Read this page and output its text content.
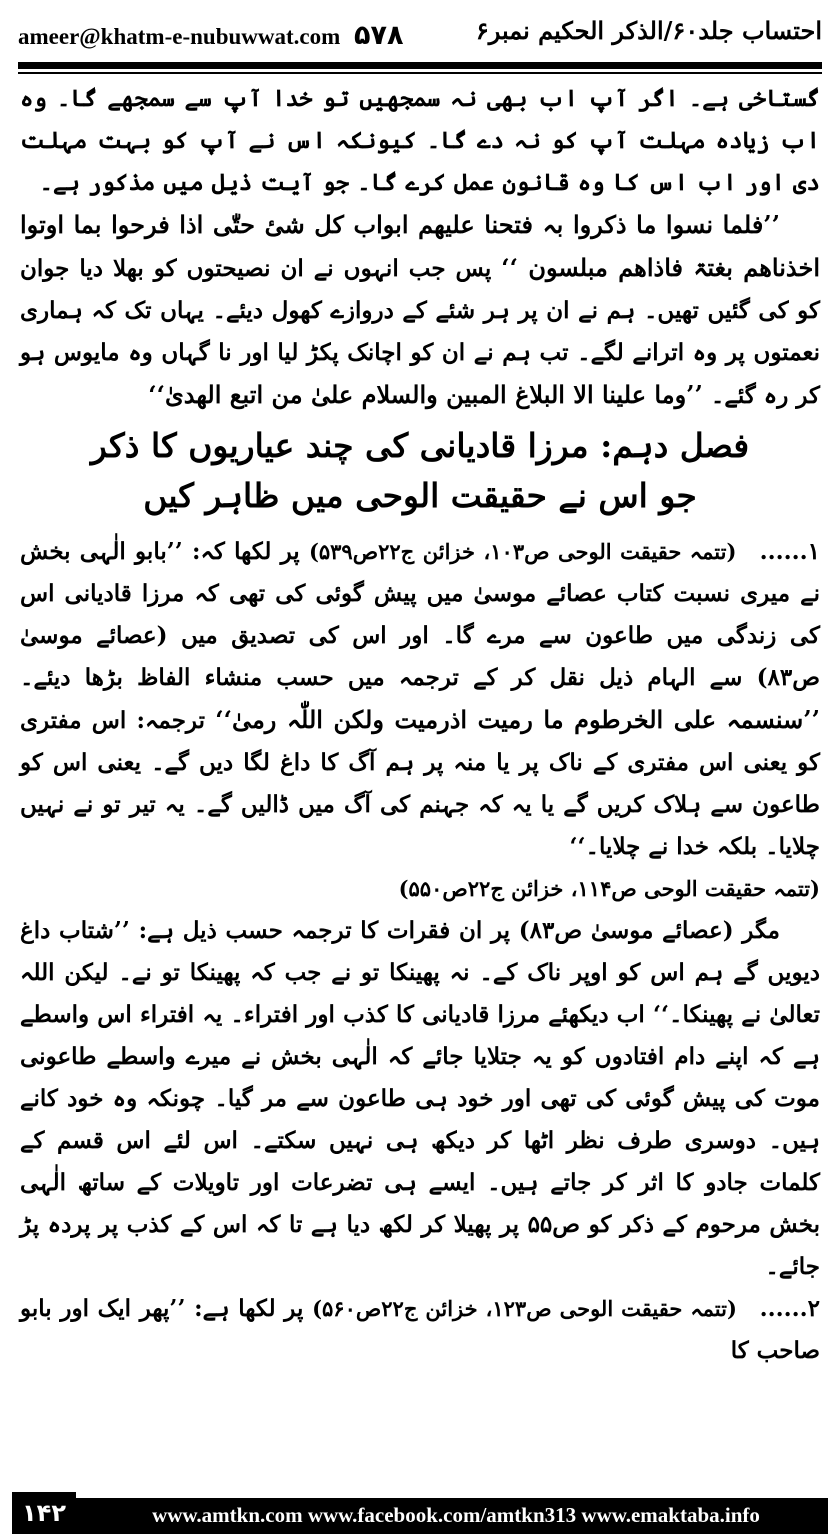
ameer@khatm-e-nubuwwat.com ۵۷۸	احتساب جلد۶۰/الذکر الحکیم نمبر۶

گستاخی ہے۔ اگر آپ اب بھی نہ سمجھیں تو خدا آپ سے سمجھے گا۔ وہ اب زیادہ مہلت آپ کو نہ دے گا۔ کیونکہ اس نے آپ کو بہت مہلت دی اور اب اس کا وہ قانون عمل کرے گا۔ جو آیت ذیل میں مذکور ہے۔

’’فلما نسوا ما ذکروا بہ فتحنا علیھم ابواب کل شیٔ حتّٰی اذا فرحوا بما اوتوا اخذناھم بغتۃ فاذاھم مبلسون ‘‘ پس جب انہوں نے ان نصیحتوں کو بھلا دیا جوان کو کی گئیں تھیں۔ ہم نے ان پر ہر شئے کے دروازے کھول دیئے۔ یہاں تک کہ ہماری نعمتوں پر وہ اترانے لگے۔ تب ہم نے ان کو اچانک پکڑ لیا اور نا گہاں وہ مایوس ہو کر رہ گئے۔ ’’وما علینا الا البلاغ المبین والسلام علیٰ من اتبع الھدیٰ‘‘

فصل دہم: مرزا قادیانی کی چند عیاریوں کا ذکر
جو اس نے حقیقت الوحی میں ظاہر کیں

۱...... (تتمہ حقیقت الوحی ص۱۰۳، خزائن ج۲۲ص۵۳۹) پر لکھا کہ: ’’بابو الٰہی بخش نے میری نسبت کتاب عصائے موسیٰ میں پیش گوئی کی تھی کہ مرزا قادیانی اس کی زندگی میں طاعون سے مرے گا۔ اور اس کی تصدیق میں (عصائے موسیٰ ص۸۳) سے الہام ذیل نقل کر کے ترجمہ میں حسب منشاء الفاظ بڑھا دیئے۔ ’’سنسمہ علی الخرطوم ما رمیت اذرمیت ولکن اللّٰہ رمیٰ‘‘ ترجمہ: اس مفتری کو یعنی اس مفتری کے ناک پر یا منہ پر ہم آگ کا داغ لگا دیں گے۔ یعنی اس کو طاعون سے ہلاک کریں گے یا یہ کہ جہنم کی آگ میں ڈالیں گے۔ یہ تیر تو نے نہیں چلایا۔ بلکہ خدا نے چلایا۔‘‘

(تتمہ حقیقت الوحی ص۱۱۴، خزائن ج۲۲ص۵۵۰)

مگر (عصائے موسیٰ ص۸۳) پر ان فقرات کا ترجمہ حسب ذیل ہے: ’’شتاب داغ دیویں گے ہم اس کو اوپر ناک کے۔ نہ پھینکا تو نے جب کہ پھینکا تو نے۔ لیکن اللہ تعالیٰ نے پھینکا۔‘‘ اب دیکھئے مرزا قادیانی کا کذب اور افتراء۔ یہ افتراء اس واسطے ہے کہ اپنے دام افتادوں کو یہ جتلایا جائے کہ الٰہی بخش نے میرے واسطے طاعونی موت کی پیش گوئی کی تھی اور خود ہی طاعون سے مر گیا۔ چونکہ وہ خود کانے ہیں۔ دوسری طرف نظر اٹھا کر دیکھ ہی نہیں سکتے۔ اس لئے اس قسم کے کلمات جادو کا اثر کر جاتے ہیں۔ ایسے ہی تضرعات اور تاویلات کے ساتھ الٰہی بخش مرحوم کے ذکر کو ص۵۵ پر پھیلا کر لکھ دیا ہے تا کہ اس کے کذب پر پردہ پڑ جائے۔

۲...... (تتمہ حقیقت الوحی ص۱۲۳، خزائن ج۲۲ص۵۶۰) پر لکھا ہے: ’’پھر ایک اور بابو صاحب کا

۱۴۲	www.amtkn.com www.facebook.com/amtkn313 www.emaktaba.info
